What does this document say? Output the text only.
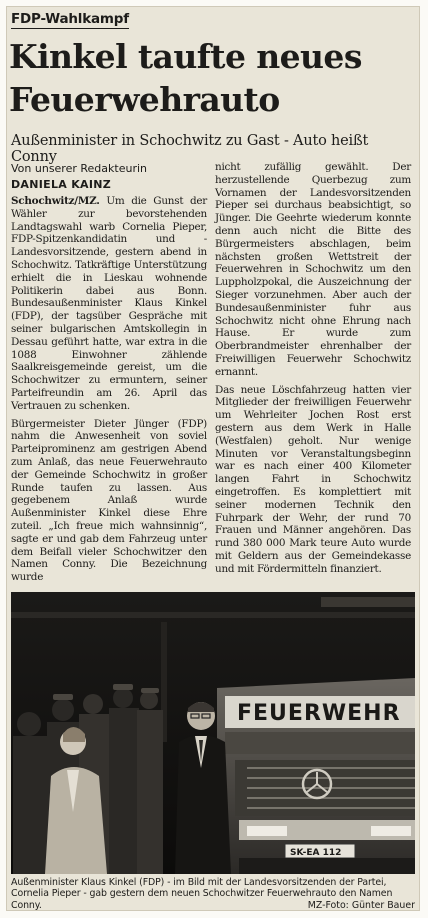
FDP-Wahlkampf
Kinkel taufte neues Feuerwehrauto
Außenminister in Schochwitz zu Gast - Auto heißt Conny
Von unserer Redakteurin
DANIELA KAINZ

Schochwitz/MZ. Um die Gunst der Wähler zur bevorstehenden Landtagswahl warb Cornelia Pieper, FDP-Spitzenkandidatin und -Landesvorsitzende, gestern abend in Schochwitz. Tatkräftige Unterstützung erhielt die in Lieskau wohnende Politikerin dabei aus Bonn. Bundesaußenminister Klaus Kinkel (FDP), der tagsüber Gespräche mit seiner bulgarischen Amtskollegin in Dessau geführt hatte, war extra in die 1088 Einwohner zählende Saalkreisgemeinde gereist, um die Schochwitzer zu ermuntern, seiner Parteifreundin am 26. April das Vertrauen zu schenken.

Bürgermeister Dieter Jünger (FDP) nahm die Anwesenheit von soviel Parteiprominenz am gestrigen Abend zum Anlaß, das neue Feuerwehrauto der Gemeinde Schochwitz in großer Runde taufen zu lassen. Aus gegebenem Anlaß wurde Außenminister Kinkel diese Ehre zuteil. „Ich freue mich wahnsinnig“, sagte er und gab dem Fahrzeug unter dem Beifall vieler Schochwitzer den Namen Conny. Die Bezeichnung wurde

nicht zufällig gewählt. Der herzustellende Querbezug zum Vornamen der Landesvorsitzenden Pieper sei durchaus beabsichtigt, so Jünger. Die Geehrte wiederum konnte denn auch nicht die Bitte des Bürgermeisters abschlagen, beim nächsten großen Wettstreit der Feuerwehren in Schochwitz um den Luppholzpokal, die Auszeichnung der Sieger vorzunehmen. Aber auch der Bundesaußenminister fuhr aus Schochwitz nicht ohne Ehrung nach Hause. Er wurde zum Oberbrandmeister ehrenhalber der Freiwilligen Feuerwehr Schochwitz ernannt.

Das neue Löschfahrzeug hatten vier Mitglieder der freiwilligen Feuerwehr um Wehrleiter Jochen Rost erst gestern aus dem Werk in Halle (Westfalen) geholt. Nur wenige Minuten vor Veranstaltungsbeginn war es nach einer 400 Kilometer langen Fahrt in Schochwitz eingetroffen. Es komplettiert mit seiner modernen Technik den Fuhrpark der Wehr, der rund 70 Frauen und Männer angehören. Das rund 380 000 Mark teure Auto wurde mit Geldern aus der Gemeindekasse und mit Fördermitteln finanziert.

FEUERWEHR
SK-EA 112
Außenminister Klaus Kinkel (FDP) - im Bild mit der Landesvorsitzenden der Partei, Cornelia Pieper - gab gestern dem neuen Schochwitzer Feuerwehrauto den Namen Conny.	MZ-Foto: Günter Bauer
